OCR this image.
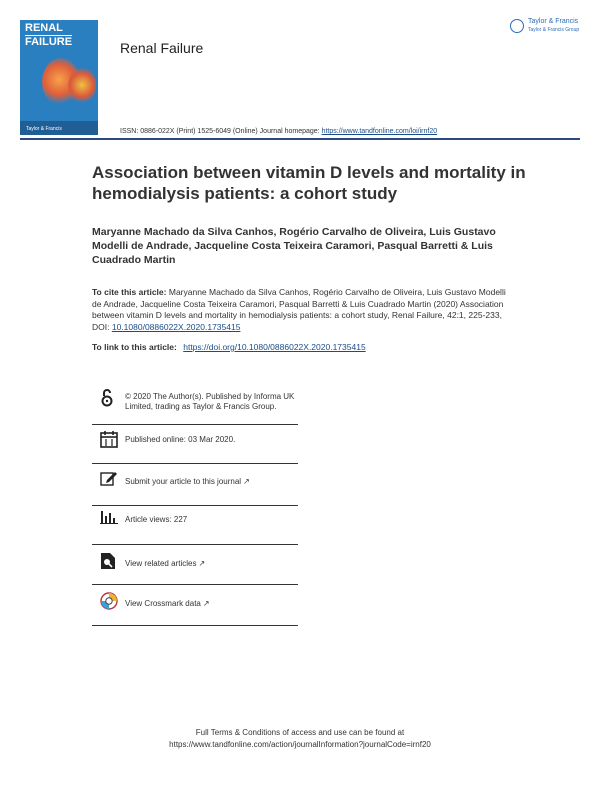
RENAL
FAILURE
Taylor & Francis
Renal Failure
Taylor & Francis
Taylor & Francis Group
ISSN: 0886-022X (Print) 1525-6049 (Online) Journal homepage: https://www.tandfonline.com/loi/irnf20
Association between vitamin D levels and mortality in hemodialysis patients: a cohort study
Maryanne Machado da Silva Canhos, Rogério Carvalho de Oliveira, Luis Gustavo Modelli de Andrade, Jacqueline Costa Teixeira Caramori, Pasqual Barretti & Luis Cuadrado Martin
To cite this article: Maryanne Machado da Silva Canhos, Rogério Carvalho de Oliveira, Luis Gustavo Modelli de Andrade, Jacqueline Costa Teixeira Caramori, Pasqual Barretti & Luis Cuadrado Martin (2020) Association between vitamin D levels and mortality in hemodialysis patients: a cohort study, Renal Failure, 42:1, 225-233, DOI: 10.1080/0886022X.2020.1735415
To link to this article: https://doi.org/10.1080/0886022X.2020.1735415
© 2020 The Author(s). Published by Informa UK Limited, trading as Taylor & Francis Group.
Published online: 03 Mar 2020.
Submit your article to this journal ↗
Article views: 227
View related articles ↗
View Crossmark data ↗
Full Terms & Conditions of access and use can be found at
https://www.tandfonline.com/action/journalInformation?journalCode=irnf20
